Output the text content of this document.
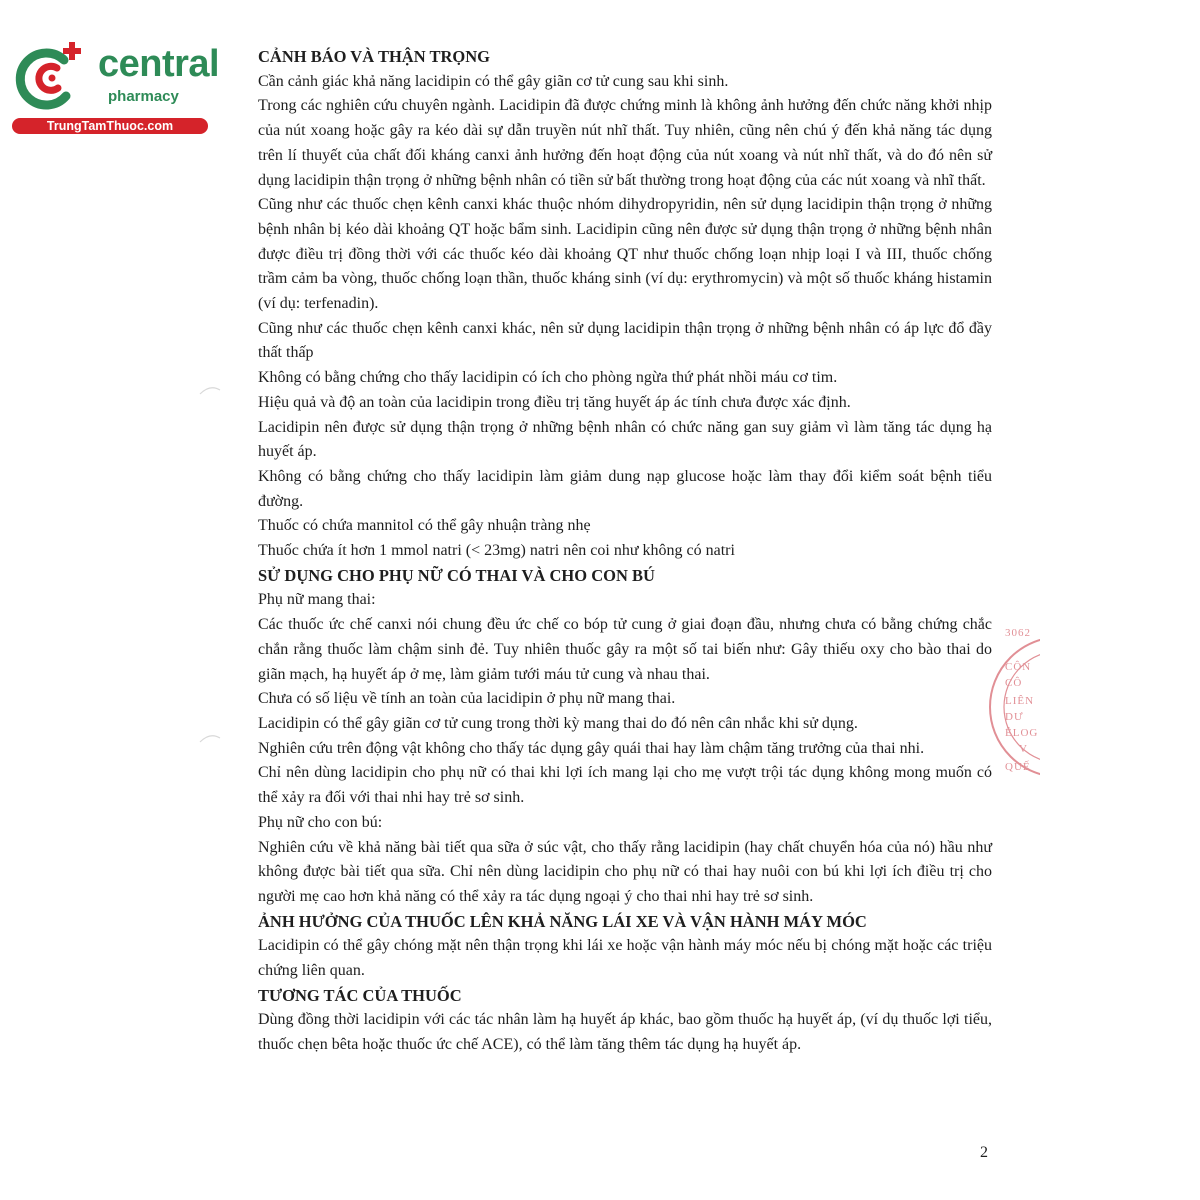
central
pharmacy
TrungTamThuoc.com
CẢNH BÁO VÀ THẬN TRỌNG

Cần cảnh giác khả năng lacidipin có thể gây giãn cơ tử cung sau khi sinh.

Trong các nghiên cứu chuyên ngành. Lacidipin đã được chứng minh là không ảnh hưởng đến chức năng khởi nhịp của nút xoang hoặc gây ra kéo dài sự dẫn truyền nút nhĩ thất. Tuy nhiên, cũng nên chú ý đến khả năng tác dụng trên lí thuyết của chất đối kháng canxi ảnh hưởng đến hoạt động của nút xoang và nút nhĩ thất, và do đó nên sử dụng lacidipin thận trọng ở những bệnh nhân có tiền sử bất thường trong hoạt động của các nút xoang và nhĩ thất.

Cũng như các thuốc chẹn kênh canxi khác thuộc nhóm dihydropyridin, nên sử dụng lacidipin thận trọng ở những bệnh nhân bị kéo dài khoảng QT hoặc bẩm sinh. Lacidipin cũng nên được sử dụng thận trọng ở những bệnh nhân được điều trị đồng thời với các thuốc kéo dài khoảng QT như thuốc chống loạn nhịp loại I và III, thuốc chống trầm cảm ba vòng, thuốc chống loạn thần, thuốc kháng sinh (ví dụ: erythromycin) và một số thuốc kháng histamin (ví dụ: terfenadin).

Cũng như các thuốc chẹn kênh canxi khác, nên sử dụng lacidipin thận trọng ở những bệnh nhân có áp lực đổ đầy thất thấp

Không có bằng chứng cho thấy lacidipin có ích cho phòng ngừa thứ phát nhồi máu cơ tim.

Hiệu quả và độ an toàn của lacidipin trong điều trị tăng huyết áp ác tính chưa được xác định.

Lacidipin nên được sử dụng thận trọng ở những bệnh nhân có chức năng gan suy giảm vì làm tăng tác dụng hạ huyết áp.

Không có bằng chứng cho thấy lacidipin làm giảm dung nạp glucose hoặc làm thay đổi kiểm soát bệnh tiểu đường.

Thuốc có chứa mannitol có thể gây nhuận tràng nhẹ

Thuốc chứa ít hơn 1 mmol natri (< 23mg) natri nên coi như không có natri

SỬ DỤNG CHO PHỤ NỮ CÓ THAI VÀ CHO CON BÚ

Phụ nữ mang thai:

Các thuốc ức chế canxi nói chung đều ức chế co bóp tử cung ở giai đoạn đầu, nhưng chưa có bằng chứng chắc chắn rằng thuốc làm chậm sinh đẻ. Tuy nhiên thuốc gây ra một số tai biến như: Gây thiếu oxy cho bào thai do giãn mạch, hạ huyết áp ở mẹ, làm giảm tưới máu tử cung và nhau thai.

Chưa có số liệu về tính an toàn của lacidipin ở phụ nữ mang thai.

Lacidipin có thể gây giãn cơ tử cung trong thời kỳ mang thai do đó nên cân nhắc khi sử dụng.

Nghiên cứu trên động vật không cho thấy tác dụng gây quái thai hay làm chậm tăng trưởng của thai nhi.

Chỉ nên dùng lacidipin cho phụ nữ có thai khi lợi ích mang lại cho mẹ vượt trội tác dụng không mong muốn có thể xảy ra đối với thai nhi hay trẻ sơ sinh.

Phụ nữ cho con bú:

Nghiên cứu về khả năng bài tiết qua sữa ở súc vật, cho thấy rằng lacidipin (hay chất chuyển hóa của nó) hầu như không được bài tiết qua sữa. Chỉ nên dùng lacidipin cho phụ nữ có thai hay nuôi con bú khi lợi ích điều trị cho người mẹ cao hơn khả năng có thể xảy ra tác dụng ngoại ý cho thai nhi hay trẻ sơ sinh.

ẢNH HƯỞNG CỦA THUỐC LÊN KHẢ NĂNG LÁI XE VÀ VẬN HÀNH MÁY MÓC

Lacidipin có thể gây chóng mặt nên thận trọng khi lái xe hoặc vận hành máy móc nếu bị chóng mặt hoặc các triệu chứng liên quan.

TƯƠNG TÁC CỦA THUỐC

Dùng đồng thời lacidipin với các tác nhân làm hạ huyết áp khác, bao gồm thuốc hạ huyết áp, (ví dụ thuốc lợi tiểu, thuốc chẹn bêta hoặc thuốc ức chế ACE), có thể làm tăng thêm tác dụng hạ huyết áp.

3062
CÔN
CÔ
LIÊN
DƯ
ÊLOG
V
QUẾ
2
